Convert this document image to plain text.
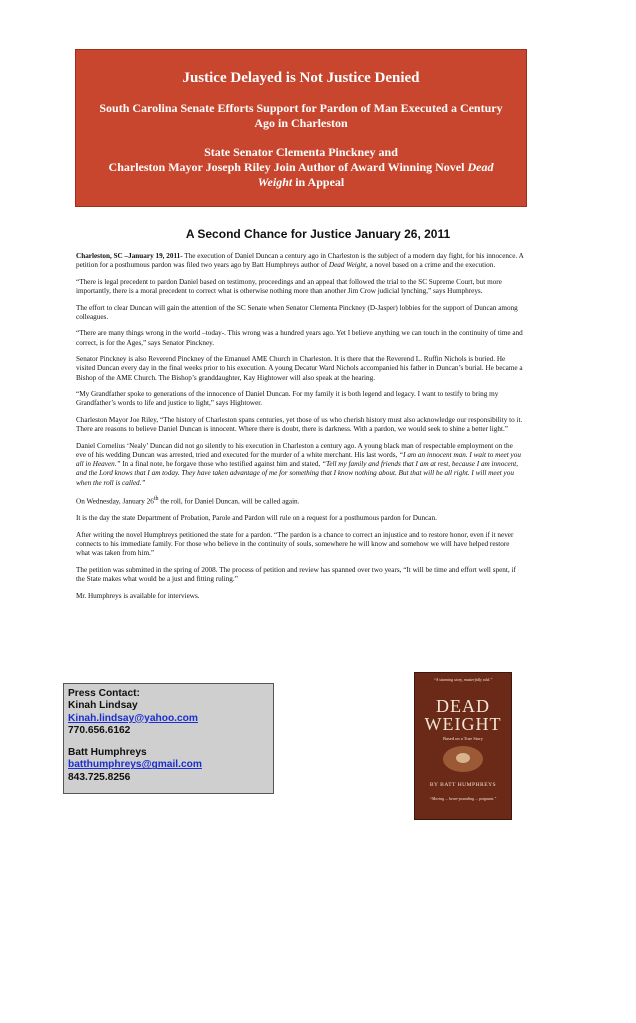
Justice Delayed is Not Justice Denied
South Carolina Senate Efforts Support for Pardon of Man Executed a Century Ago in Charleston
State Senator Clementa Pinckney and
Charleston Mayor Joseph Riley Join Author of Award Winning Novel Dead Weight in Appeal
A Second Chance for Justice January 26, 2011

Charleston, SC –January 19, 2011- The execution of Daniel Duncan a century ago in Charleston is the subject of a modern day fight, for his innocence. A petition for a posthumous pardon was filed two years ago by Batt Humphreys author of Dead Weight, a novel based on a crime and the execution.

“There is legal precedent to pardon Daniel based on testimony, proceedings and an appeal that followed the trial to the SC Supreme Court, but more importantly, there is a moral precedent to correct what is otherwise nothing more than another Jim Crow judicial lynching,” says Humphreys.

The effort to clear Duncan will gain the attention of the SC Senate when Senator Clementa Pinckney (D-Jasper) lobbies for the support of Duncan among colleagues.

“There are many things wrong in the world –today-. This wrong was a hundred years ago. Yet I believe anything we can touch in the continuity of time and correct, is for the Ages,” says Senator Pinckney.

Senator Pinckney is also Reverend Pinckney of the Emanuel AME Church in Charleston. It is there that the Reverend L. Ruffin Nichols is buried. He visited Duncan every day in the final weeks prior to his execution. A young Decatur Ward Nichols accompanied his father in Duncan’s burial. He became a Bishop of the AME Church. The Bishop’s granddaughter, Kay Hightower will also speak at the hearing.

“My Grandfather spoke to generations of the innocence of Daniel Duncan. For my family it is both legend and legacy. I want to testify to bring my Grandfather’s words to life and justice to light,” says Hightower.

Charleston Mayor Joe Riley, “The history of Charleston spans centuries, yet those of us who cherish history must also acknowledge our responsibility to it. There are reasons to believe Daniel Duncan is innocent. Where there is doubt, there is darkness. With a pardon, we would seek to shine a better light.”

Daniel Cornelius ‘Nealy’ Duncan did not go silently to his execution in Charleston a century ago. A young black man of respectable employment on the eve of his wedding Duncan was arrested, tried and executed for the murder of a white merchant. His last words, “I am an innocent man. I wait to meet you all in Heaven.” In a final note, he forgave those who testified against him and stated, “Tell my family and friends that I am at rest, because I am innocent, and the Lord knows that I am today. They have taken advantage of me for something that I know nothing about. But that will be all right. I will meet you when the roll is called.”

On Wednesday, January 26th the roll, for Daniel Duncan, will be called again.

It is the day the state Department of Probation, Parole and Pardon will rule on a request for a posthumous pardon for Duncan.

After writing the novel Humphreys petitioned the state for a pardon. “The pardon is a chance to correct an injustice and to restore honor, even if it never connects to his immediate family. For those who believe in the continuity of souls, somewhere he will know and somehow we will have helped restore what was taken from him.”

The petition was submitted in the spring of 2008. The process of petition and review has spanned over two years, “It will be time and effort well spent, if the State makes what would be a just and fitting ruling.”

Mr. Humphreys is available for interviews.

Press Contact:
Kinah Lindsay
Kinah.lindsay@yahoo.com
770.656.6162
Batt Humphreys
batthumphreys@gmail.com
843.725.8256
“A stunning story, masterfully told.”
DEAD
WEIGHT
Based on a True Story
BY BATT HUMPHREYS
“Moving ... heart-pounding ... poignant.”
